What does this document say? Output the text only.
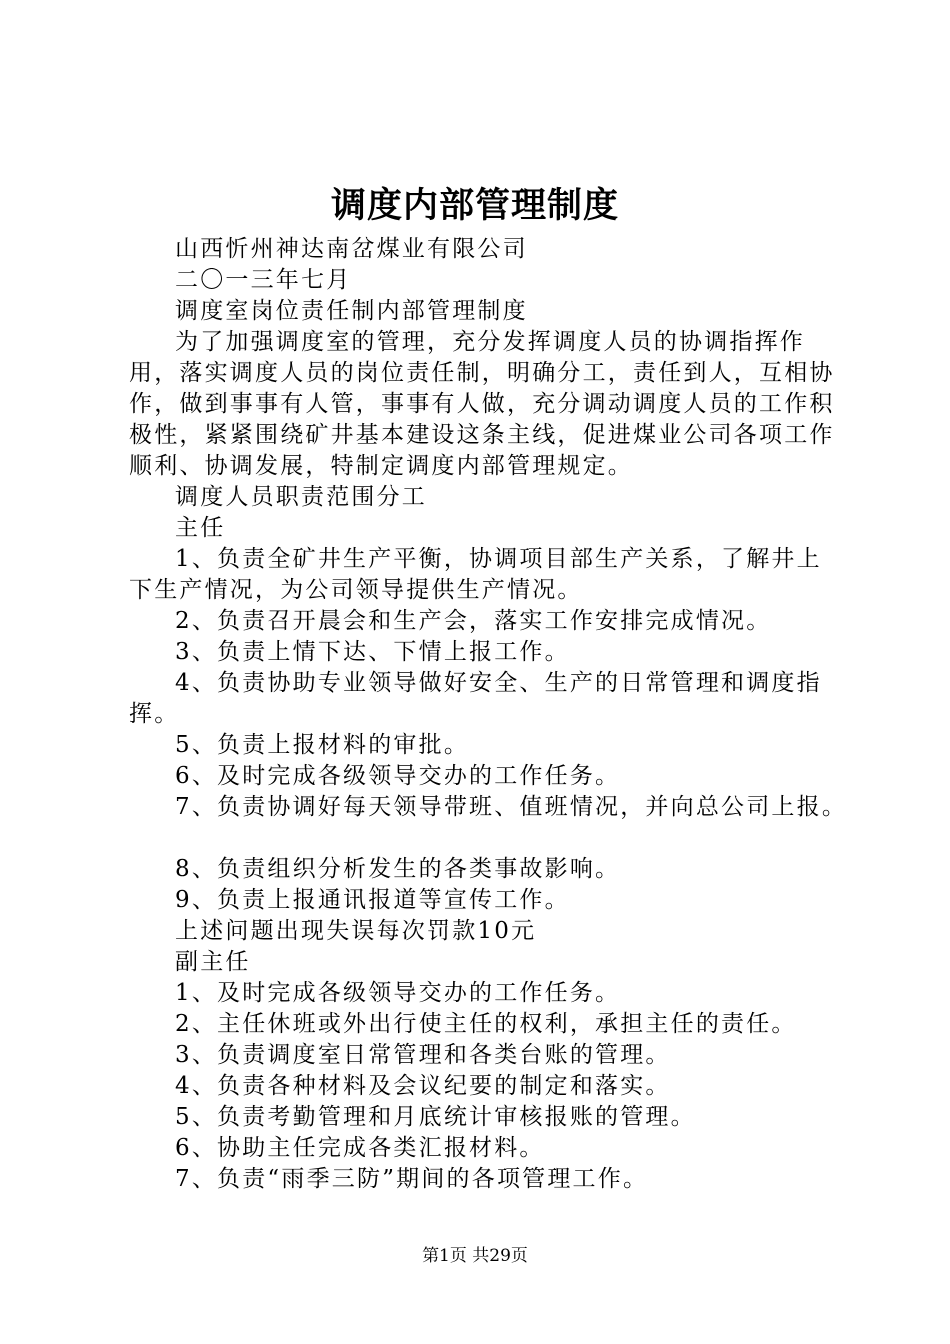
调度内部管理制度

山西忻州神达南岔煤业有限公司

二〇一三年七月

调度室岗位责任制内部管理制度

为了加强调度室的管理，充分发挥调度人员的协调指挥作用，落实调度人员的岗位责任制，明确分工，责任到人，互相协作，做到事事有人管，事事有人做，充分调动调度人员的工作积极性，紧紧围绕矿井基本建设这条主线，促进煤业公司各项工作顺利、协调发展，特制定调度内部管理规定。

调度人员职责范围分工

主任

1、负责全矿井生产平衡，协调项目部生产关系，了解井上下生产情况，为公司领导提供生产情况。

2、负责召开晨会和生产会，落实工作安排完成情况。

3、负责上情下达、下情上报工作。

4、负责协助专业领导做好安全、生产的日常管理和调度指挥。

5、负责上报材料的审批。

6、及时完成各级领导交办的工作任务。

7、负责协调好每天领导带班、值班情况，并向总公司上报。

8、负责组织分析发生的各类事故影响。

9、负责上报通讯报道等宣传工作。

上述问题出现失误每次罚款10元

副主任

1、及时完成各级领导交办的工作任务。

2、主任休班或外出行使主任的权利，承担主任的责任。

3、负责调度室日常管理和各类台账的管理。

4、负责各种材料及会议纪要的制定和落实。

5、负责考勤管理和月底统计审核报账的管理。

6、协助主任完成各类汇报材料。

7、负责“雨季三防”期间的各项管理工作。

第1页 共29页
